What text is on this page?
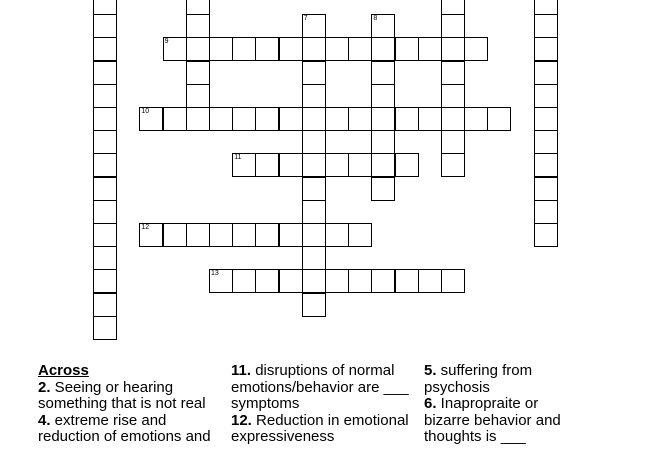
9
10
11
12
13
7	8

Across

2. Seeing or hearing something that is not real

4. extreme rise and reduction of emotions and

11. disruptions of normal emotions/behavior are ___ symptoms

12. Reduction in emotional expressiveness

5. suffering from psychosis

6. Inapropraite or bizarre behavior and thoughts is ___
